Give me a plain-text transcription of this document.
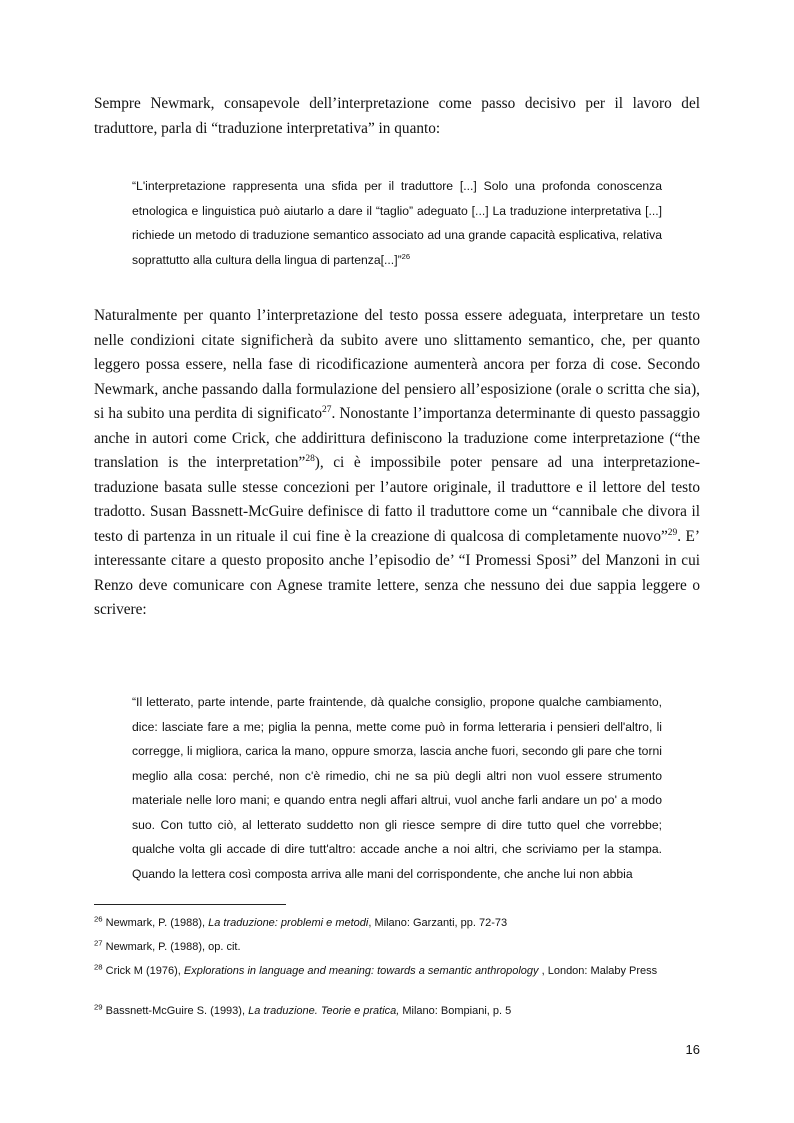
Sempre Newmark, consapevole dell’interpretazione come passo decisivo per il lavoro del traduttore, parla di “traduzione interpretativa” in quanto:

“L'interpretazione rappresenta una sfida per il traduttore [...] Solo una profonda conoscenza etnologica e linguistica può aiutarlo a dare il “taglio” adeguato [...] La traduzione interpretativa [...] richiede un metodo di traduzione semantico associato ad una grande capacità esplicativa, relativa soprattutto alla cultura della lingua di partenza[...]”$^{26}$

Naturalmente per quanto l’interpretazione del testo possa essere adeguata, interpretare un testo nelle condizioni citate significherà da subito avere uno slittamento semantico, che, per quanto leggero possa essere, nella fase di ricodificazione aumenterà ancora per forza di cose. Secondo Newmark, anche passando dalla formulazione del pensiero all’esposizione (orale o scritta che sia), si ha subito una perdita di significato$^{27}$. Nonostante l’importanza determinante di questo passaggio anche in autori come Crick, che addirittura definiscono la traduzione come interpretazione (“the translation is the interpretation”$^{28}$), ci è impossibile poter pensare ad una interpretazione-traduzione basata sulle stesse concezioni per l’autore originale, il traduttore e il lettore del testo tradotto. Susan Bassnett-McGuire definisce di fatto il traduttore come un “cannibale che divora il testo di partenza in un rituale il cui fine è la creazione di qualcosa di completamente nuovo”$^{29}$. E’ interessante citare a questo proposito anche l’episodio de’ “I Promessi Sposi” del Manzoni in cui Renzo deve comunicare con Agnese tramite lettere, senza che nessuno dei due sappia leggere o scrivere:

“Il letterato, parte intende, parte fraintende, dà qualche consiglio, propone qualche cambiamento, dice: lasciate fare a me; piglia la penna, mette come può in forma letteraria i pensieri dell'altro, li corregge, li migliora, carica la mano, oppure smorza, lascia anche fuori, secondo gli pare che torni meglio alla cosa: perché, non c'è rimedio, chi ne sa più degli altri non vuol essere strumento materiale nelle loro mani; e quando entra negli affari altrui, vuol anche farli andare un po' a modo suo. Con tutto ciò, al letterato suddetto non gli riesce sempre di dire tutto quel che vorrebbe; qualche volta gli accade di dire tutt'altro: accade anche a noi altri, che scriviamo per la stampa. Quando la lettera così composta arriva alle mani del corrispondente, che anche lui non abbia

$^{26}$ Newmark, P. (1988), La traduzione: problemi e metodi, Milano: Garzanti, pp. 72-73

$^{27}$ Newmark, P. (1988), op. cit.

$^{28}$ Crick M (1976), Explorations in language and meaning: towards a semantic anthropology , London: Malaby Press

$^{29}$ Bassnett-McGuire S. (1993), La traduzione. Teorie e pratica, Milano: Bompiani, p. 5

16
